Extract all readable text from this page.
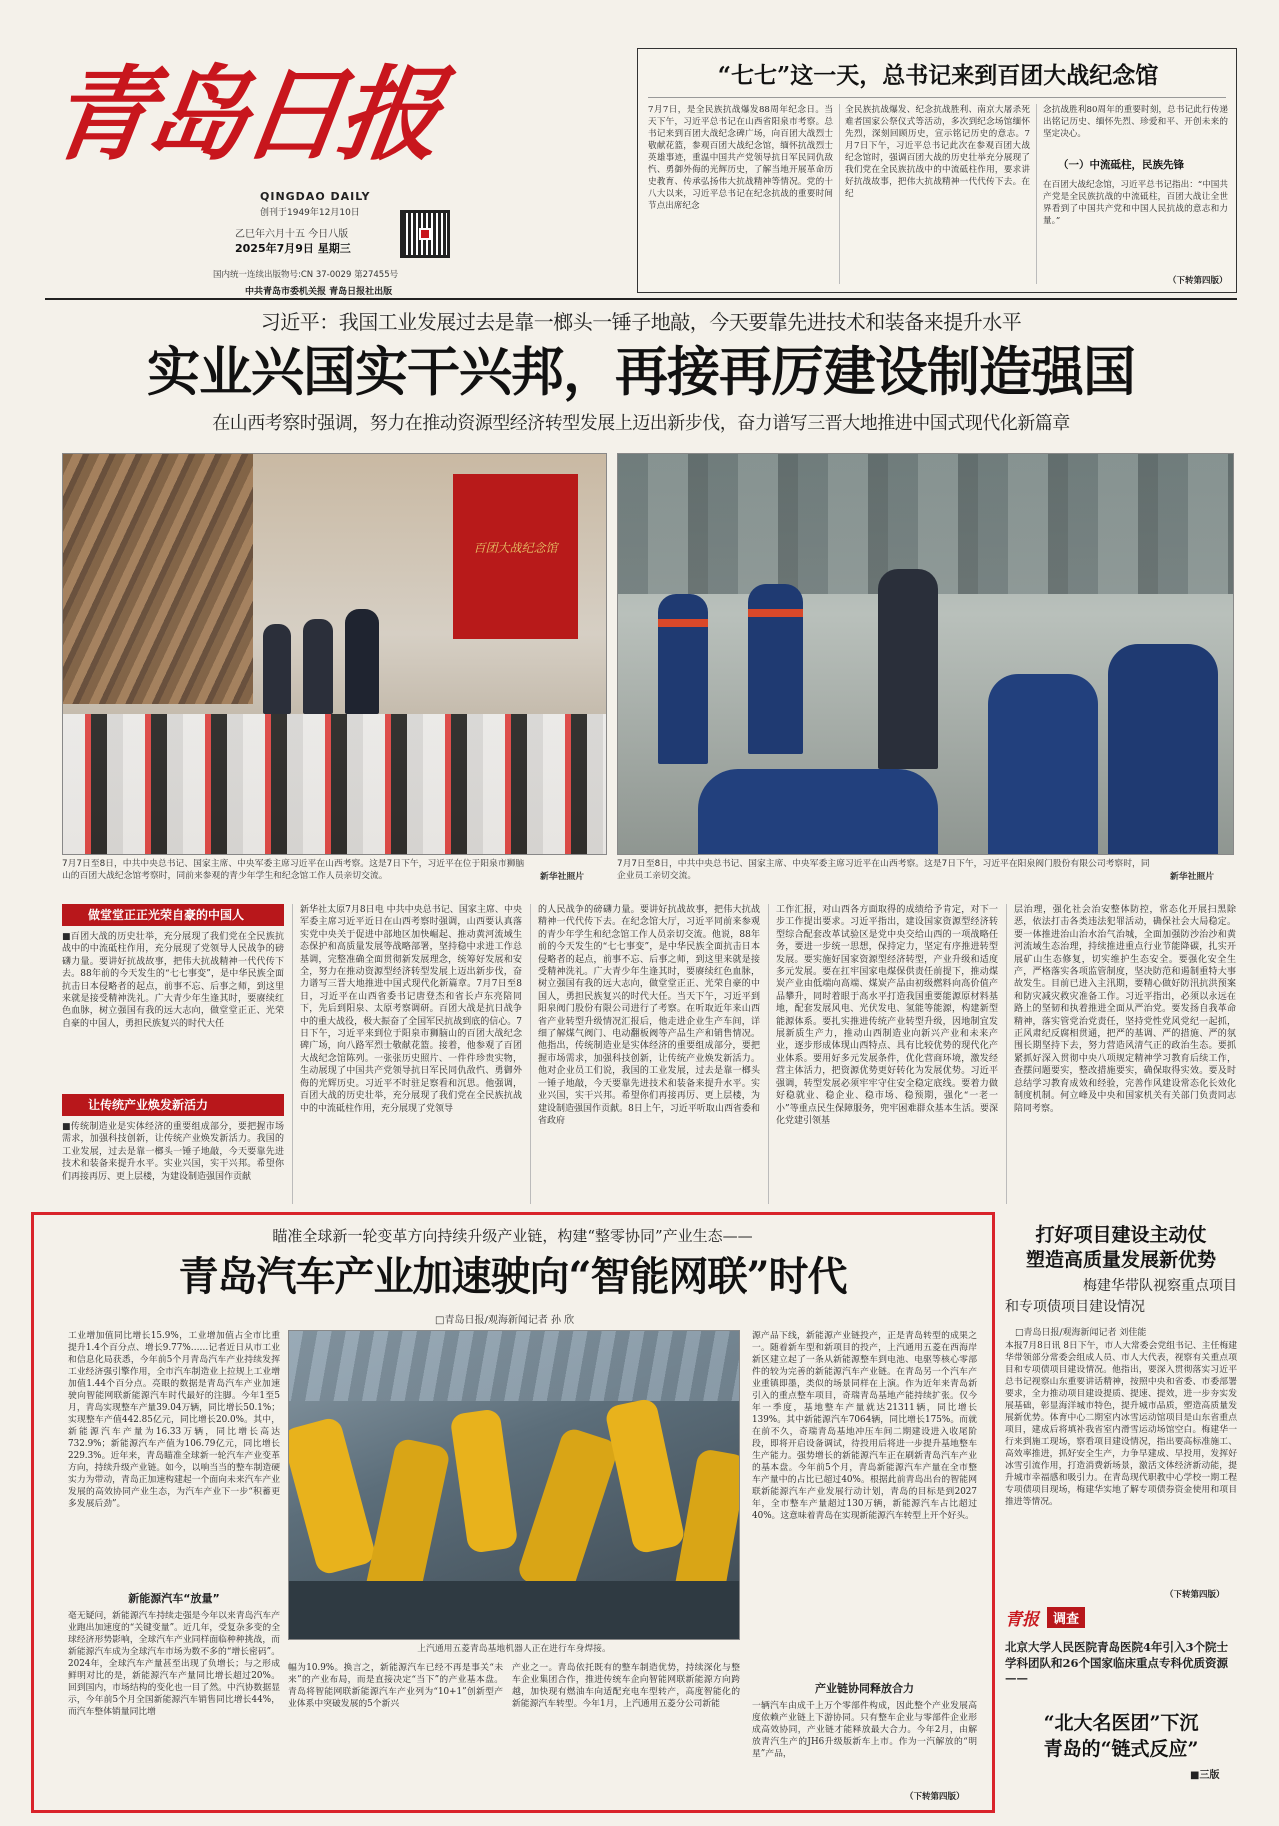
青岛日报
QINGDAO DAILY
创刊于1949年12月10日
乙巳年六月十五 今日八版
2025年7月9日 星期三
国内统一连续出版物号:CN 37-0029 第27455号
中共青岛市委机关报 青岛日报社出版
“七七”这一天，总书记来到百团大战纪念馆
7月7日，是全民族抗战爆发88周年纪念日。当天下午，习近平总书记在山西省阳泉市考察。总书记来到百团大战纪念碑广场，向百团大战烈士敬献花篮，参观百团大战纪念馆，缅怀抗战烈士英雄事迹，重温中国共产党领导抗日军民同仇敌忾、勇御外侮的光辉历史，了解当地开展革命历史教育、传承弘扬伟大抗战精神等情况。党的十八大以来，习近平总书记在纪念抗战的重要时间节点出席纪念
全民族抗战爆发、纪念抗战胜利、南京大屠杀死难者国家公祭仪式等活动，多次到纪念场馆缅怀先烈，深刻回顾历史，宣示铭记历史的意志。7月7日下午，习近平总书记此次在参观百团大战纪念馆时，强调百团大战的历史壮举充分展现了我们党在全民族抗战中的中流砥柱作用，要求讲好抗战故事，把伟大抗战精神一代代传下去。在纪
念抗战胜利80周年的重要时刻，总书记此行传递出铭记历史、缅怀先烈、珍爱和平、开创未来的坚定决心。
（一）中流砥柱，民族先锋
在百团大战纪念馆，习近平总书记指出：“中国共产党是全民族抗战的中流砥柱，百团大战让全世界看到了中国共产党和中国人民抗战的意志和力量。”
（下转第四版）
习近平：我国工业发展过去是靠一榔头一锤子地敲，今天要靠先进技术和装备来提升水平
实业兴国实干兴邦，再接再厉建设制造强国
在山西考察时强调，努力在推动资源型经济转型发展上迈出新步伐，奋力谱写三晋大地推进中国式现代化新篇章
百团大战纪念馆
7月7日至8日，中共中央总书记、国家主席、中央军委主席习近平在山西考察。这是7日下午，习近平在位于阳泉市狮脑山的百团大战纪念馆考察时，同前来参观的青少年学生和纪念馆工作人员亲切交流。	新华社照片
7月7日至8日，中共中央总书记、国家主席、中央军委主席习近平在山西考察。这是7日下午，习近平在阳泉阀门股份有限公司考察时，同企业员工亲切交流。	新华社照片
做堂堂正正光荣自豪的中国人
■百团大战的历史壮举，充分展现了我们党在全民族抗战中的中流砥柱作用，充分展现了党领导人民战争的磅礴力量。要讲好抗战故事，把伟大抗战精神一代代传下去。88年前的今天发生的“七七事变”，是中华民族全面抗击日本侵略者的起点，前事不忘、后事之师，到这里来就是接受精神洗礼。广大青少年生逢其时，要赓续红色血脉，树立强国有我的远大志向，做堂堂正正、光荣自豪的中国人，勇担民族复兴的时代大任
让传统产业焕发新活力
■传统制造业是实体经济的重要组成部分，要把握市场需求，加强科技创新，让传统产业焕发新活力。我国的工业发展，过去是靠一榔头一锤子地敲，今天要靠先进技术和装备来提升水平。实业兴国，实干兴邦。希望你们再接再厉、更上层楼，为建设制造强国作贡献
新华社太原7月8日电 中共中央总书记、国家主席、中央军委主席习近平近日在山西考察时强调，山西要认真落实党中央关于促进中部地区加快崛起、推动黄河流域生态保护和高质量发展等战略部署，坚持稳中求进工作总基调，完整准确全面贯彻新发展理念，统筹好发展和安全，努力在推动资源型经济转型发展上迈出新步伐，奋力谱写三晋大地推进中国式现代化新篇章。7月7日至8日，习近平在山西省委书记唐登杰和省长卢东亮陪同下，先后到阳泉、太原考察调研。百团大战是抗日战争中的重大战役，极大振奋了全国军民抗战到底的信心。7日下午，习近平来到位于阳泉市狮脑山的百团大战纪念碑广场，向八路军烈士敬献花篮。接着，他参观了百团大战纪念馆陈列。一张张历史照片、一件件珍贵实物，生动展现了中国共产党领导抗日军民同仇敌忾、勇御外侮的光辉历史。习近平不时驻足察看和沉思。他强调，百团大战的历史壮举，充分展现了我们党在全民族抗战中的中流砥柱作用，充分展现了党领导
的人民战争的磅礴力量。要讲好抗战故事，把伟大抗战精神一代代传下去。在纪念馆大厅，习近平同前来参观的青少年学生和纪念馆工作人员亲切交流。他说，88年前的今天发生的“七七事变”，是中华民族全面抗击日本侵略者的起点，前事不忘、后事之师，到这里来就是接受精神洗礼。广大青少年生逢其时，要赓续红色血脉，树立强国有我的远大志向，做堂堂正正、光荣自豪的中国人，勇担民族复兴的时代大任。当天下午，习近平到阳泉阀门股份有限公司进行了考察。在听取近年来山西省产业转型升级情况汇报后，他走进企业生产车间，详细了解煤气阀门、电动翻板阀等产品生产和销售情况。他指出，传统制造业是实体经济的重要组成部分，要把握市场需求，加强科技创新，让传统产业焕发新活力。他对企业员工们说，我国的工业发展，过去是靠一榔头一锤子地敲，今天要靠先进技术和装备来提升水平。实业兴国，实干兴邦。希望你们再接再厉、更上层楼，为建设制造强国作贡献。8日上午，习近平听取山西省委和省政府
工作汇报，对山西各方面取得的成绩给予肯定，对下一步工作提出要求。习近平指出，建设国家资源型经济转型综合配套改革试验区是党中央交给山西的一项战略任务，要进一步统一思想，保持定力，坚定有序推进转型发展。要实施好国家资源型经济转型，产业升级和适度多元发展。要在扛牢国家电煤保供责任前提下，推动煤炭产业由低端向高端、煤炭产品由初级燃料向高价值产品攀升，同时着眼于高水平打造我国重要能源原材料基地，配套发展风电、光伏发电、氢能等能源，构建新型能源体系。要扎实推进传统产业转型升级，因地制宜发展新质生产力，推动山西制造业向新兴产业和未来产业，逐步形成体现山西特点、具有比较优势的现代化产业体系。要用好多元发展条件，优化营商环境，激发经营主体活力，把资源优势更好转化为发展优势。习近平强调，转型发展必须牢牢守住安全稳定底线。要着力做好稳就业、稳企业、稳市场、稳预期，强化“一老一小”等重点民生保障服务，兜牢困难群众基本生活。要深化党建引领基
层治理，强化社会治安整体防控，常态化开展扫黑除恶，依法打击各类违法犯罪活动，确保社会大局稳定。要一体推进治山治水治气治城，全面加强防沙治沙和黄河流域生态治理，持续推进重点行业节能降碳，扎实开展矿山生态修复，切实维护生态安全。要强化安全生产，严格落实各项监管制度，坚决防范和遏制重特大事故发生。目前已进入主汛期，要精心做好防汛抗洪预案和防灾减灾救灾准备工作。习近平指出，必须以永远在路上的坚韧和执着推进全面从严治党。要发扬自我革命精神，落实管党治党责任，坚持党性党风党纪一起抓，正风肃纪反腐相贯通，把严的基调、严的措施、严的氛围长期坚持下去，努力营造风清气正的政治生态。要抓紧抓好深入贯彻中央八项规定精神学习教育后续工作，查摆问题要实，整改措施要实，确保取得实效。要及时总结学习教育成效和经验，完善作风建设常态化长效化制度机制。何立峰及中央和国家机关有关部门负责同志陪同考察。
瞄准全球新一轮变革方向持续升级产业链，构建“整零协同”产业生态——
青岛汽车产业加速驶向“智能网联”时代
□青岛日报/观海新闻记者 孙 欣
工业增加值同比增长15.9%，工业增加值占全市比重提升1.4个百分点、增长9.77%……记者近日从市工业和信息化局获悉，今年前5个月青岛汽车产业持续发挥工业经济强引擎作用，全市汽车制造业上拉规上工业增加值1.44个百分点。亮眼的数据是青岛汽车产业加速驶向智能网联新能源汽车时代最好的注脚。今年1至5月，青岛实现整车产量39.04万辆，同比增长50.1%；实现整车产值442.85亿元，同比增长20.0%。其中，新能源汽车产量为16.33万辆，同比增长高达732.9%；新能源汽车产值为106.79亿元，同比增长229.3%。近年来，青岛瞄准全球新一轮汽车产业变革方向，持续升级产业链。如今，以响当当的整车制造硬实力为带动，青岛正加速构建起一个面向未来汽车产业发展的高效协同产业生态，为汽车产业下一步“积蓄更多发展后劲”。
新能源汽车“放量”
毫无疑问，新能源汽车持续走强是今年以来青岛汽车产业跑出加速度的“关键变量”。近几年，受复杂多变的全球经济形势影响，全球汽车产业同样面临种种挑战，而新能源汽车成为全球汽车市场为数不多的“增长密码”。2024年，全球汽车产量甚至出现了负增长；与之形成鲜明对比的是，新能源汽车产量同比增长超过20%。回到国内，市场结构的变化也一目了然。中汽协数据显示，今年前5个月全国新能源汽车销售同比增长44%，而汽车整体销量同比增
上汽通用五菱青岛基地机器人正在进行车身焊接。
幅为10.9%。换言之，新能源汽车已经不再是事关“未来”的产业布局，而是直接决定“当下”的产业基本盘。青岛将智能网联新能源汽车产业列为“10+1”创新型产业体系中突破发展的5个新兴
产业之一。青岛依托既有的整车制造优势，持续深化与整车企业集团合作，推进传统车企向智能网联新能源方向跨越，加快现有燃油车向适配充电车型转产，高度智能化的新能源汽车转型。今年1月，上汽通用五菱分公司新能
源产品下线，新能源产业链投产，正是青岛转型的成果之一。随着新车型和新项目的投产，上汽通用五菱在西海岸新区建立起了一条从新能源整车到电池、电驱等核心零部件的较为完善的新能源汽车产业链。在青岛另一个汽车产业重镇即墨，类似的场景同样在上演。作为近年来青岛新引入的重点整车项目，奇瑞青岛基地产能持续扩张。仅今年一季度，基地整车产量就达21311辆，同比增长139%。其中新能源汽车7064辆，同比增长175%。而就在前不久，奇瑞青岛基地冲压车间二期建设进入收尾阶段，即将开启设备调试，待投用后将进一步提升基地整车生产能力。强势增长的新能源汽车正在刷新青岛汽车产业的基本盘。今年前5个月，青岛新能源汽车产量在全市整车产量中的占比已超过40%。根据此前青岛出台的智能网联新能源汽车产业发展行动计划，青岛的目标是到2027年，全市整车产量超过130万辆，新能源汽车占比超过40%。这意味着青岛在实现新能源汽车转型上开个好头。
产业链协同释放合力
一辆汽车由成千上万个零部件构成，因此整个产业发展高度依赖产业链上下游协同。只有整车企业与零部件企业形成高效协同，产业链才能释放最大合力。今年2月，由解放青汽生产的JH6升级版新车上市。作为一汽解放的“明星”产品，
（下转第四版）
打好项目建设主动仗
塑造高质量发展新优势
梅建华带队视察重点项目
和专项债项目建设情况
□青岛日报/观海新闻记者 刘佳能
本报7月8日讯 8日下午，市人大常委会党组书记、主任梅建华带领部分常委会组成人员、市人大代表，视察有关重点项目和专项债项目建设情况。他指出，要深入贯彻落实习近平总书记视察山东重要讲话精神，按照中央和省委、市委部署要求，全力推动项目建设提质、提速、提效，进一步夯实发展基础，彰显海洋城市特色，提升城市品质，塑造高质量发展新优势。体育中心二期室内冰雪运动馆项目是山东省重点项目，建成后将填补我省室内滑雪运动场馆空白。梅建华一行来到施工现场，察看项目建设情况，指出要高标准施工、高效率推进，抓好安全生产，力争早建成、早投用，发挥好冰雪引流作用，打造消费新场景，激活文体经济新动能，提升城市幸福感和吸引力。在青岛现代职教中心学校一期工程专项债项目现场，梅建华实地了解专项债券资金使用和项目推进等情况。
（下转第四版）
青报	调查
北京大学人民医院青岛医院4年引入3个院士学科团队和26个国家临床重点专科优质资源——
“北大名医团”下沉
青岛的“链式反应”
■三版
